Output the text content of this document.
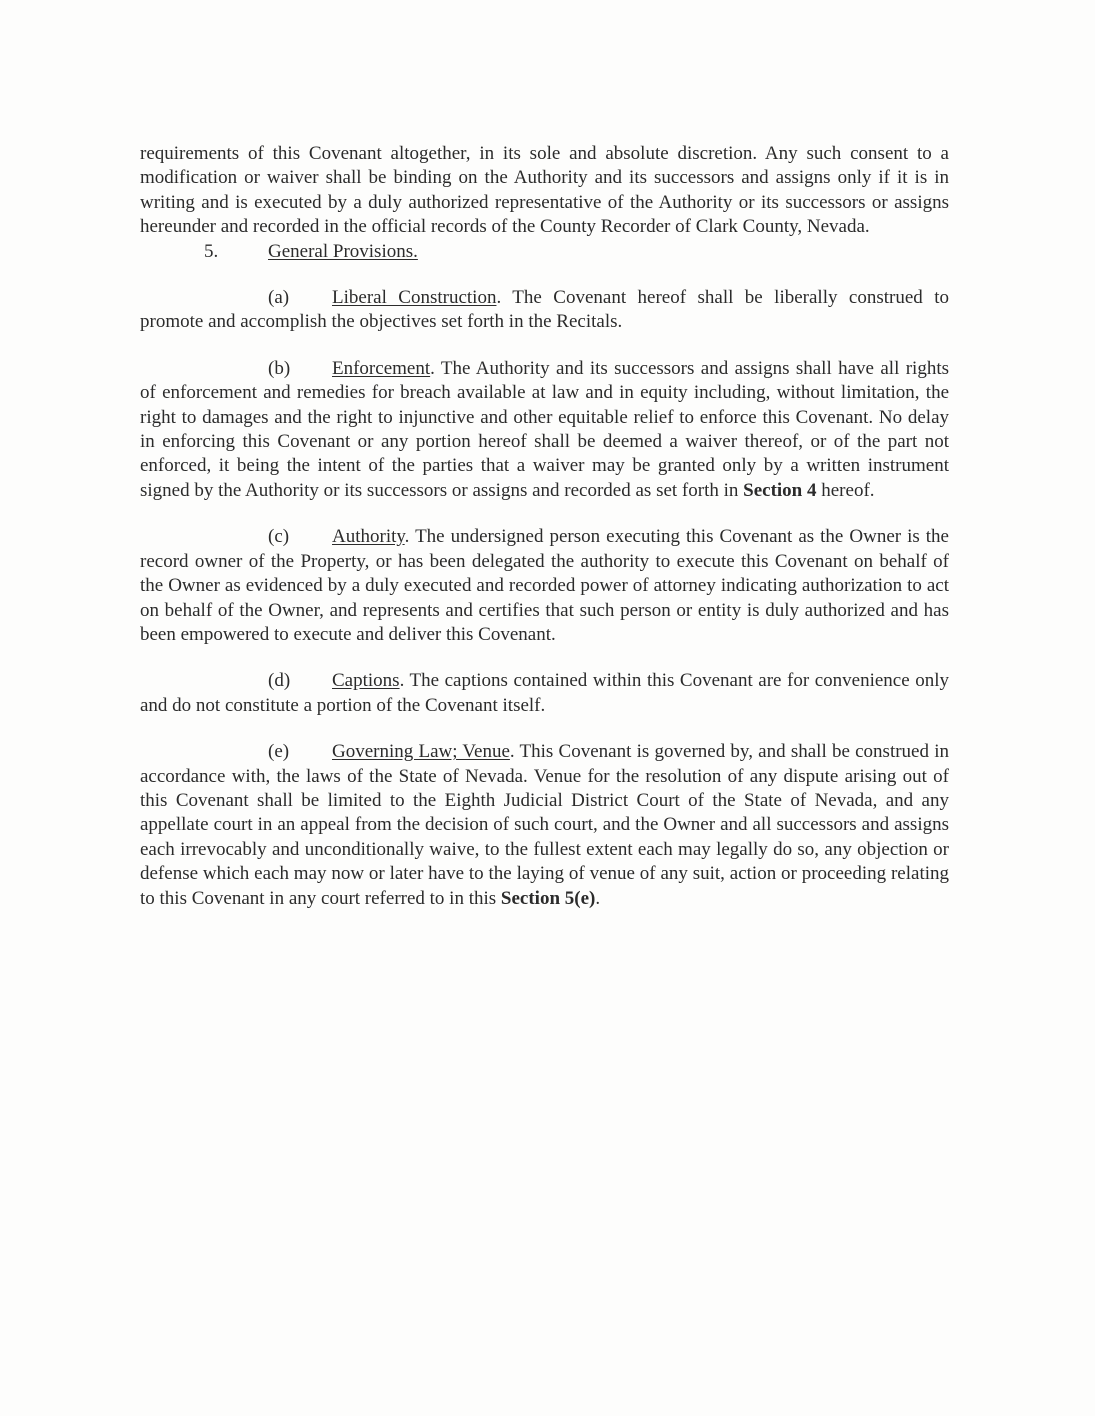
requirements of this Covenant altogether, in its sole and absolute discretion. Any such consent to a modification or waiver shall be binding on the Authority and its successors and assigns only if it is in writing and is executed by a duly authorized representative of the Authority or its successors or assigns hereunder and recorded in the official records of the County Recorder of Clark County, Nevada.

5.	General Provisions.

(a) Liberal Construction. The Covenant hereof shall be liberally construed to promote and accomplish the objectives set forth in the Recitals.

(b) Enforcement. The Authority and its successors and assigns shall have all rights of enforcement and remedies for breach available at law and in equity including, without limitation, the right to damages and the right to injunctive and other equitable relief to enforce this Covenant. No delay in enforcing this Covenant or any portion hereof shall be deemed a waiver thereof, or of the part not enforced, it being the intent of the parties that a waiver may be granted only by a written instrument signed by the Authority or its successors or assigns and recorded as set forth in Section 4 hereof.

(c) Authority. The undersigned person executing this Covenant as the Owner is the record owner of the Property, or has been delegated the authority to execute this Covenant on behalf of the Owner as evidenced by a duly executed and recorded power of attorney indicating authorization to act on behalf of the Owner, and represents and certifies that such person or entity is duly authorized and has been empowered to execute and deliver this Covenant.

(d) Captions. The captions contained within this Covenant are for convenience only and do not constitute a portion of the Covenant itself.

(e) Governing Law; Venue. This Covenant is governed by, and shall be construed in accordance with, the laws of the State of Nevada. Venue for the resolution of any dispute arising out of this Covenant shall be limited to the Eighth Judicial District Court of the State of Nevada, and any appellate court in an appeal from the decision of such court, and the Owner and all successors and assigns each irrevocably and unconditionally waive, to the fullest extent each may legally do so, any objection or defense which each may now or later have to the laying of venue of any suit, action or proceeding relating to this Covenant in any court referred to in this Section 5(e).
